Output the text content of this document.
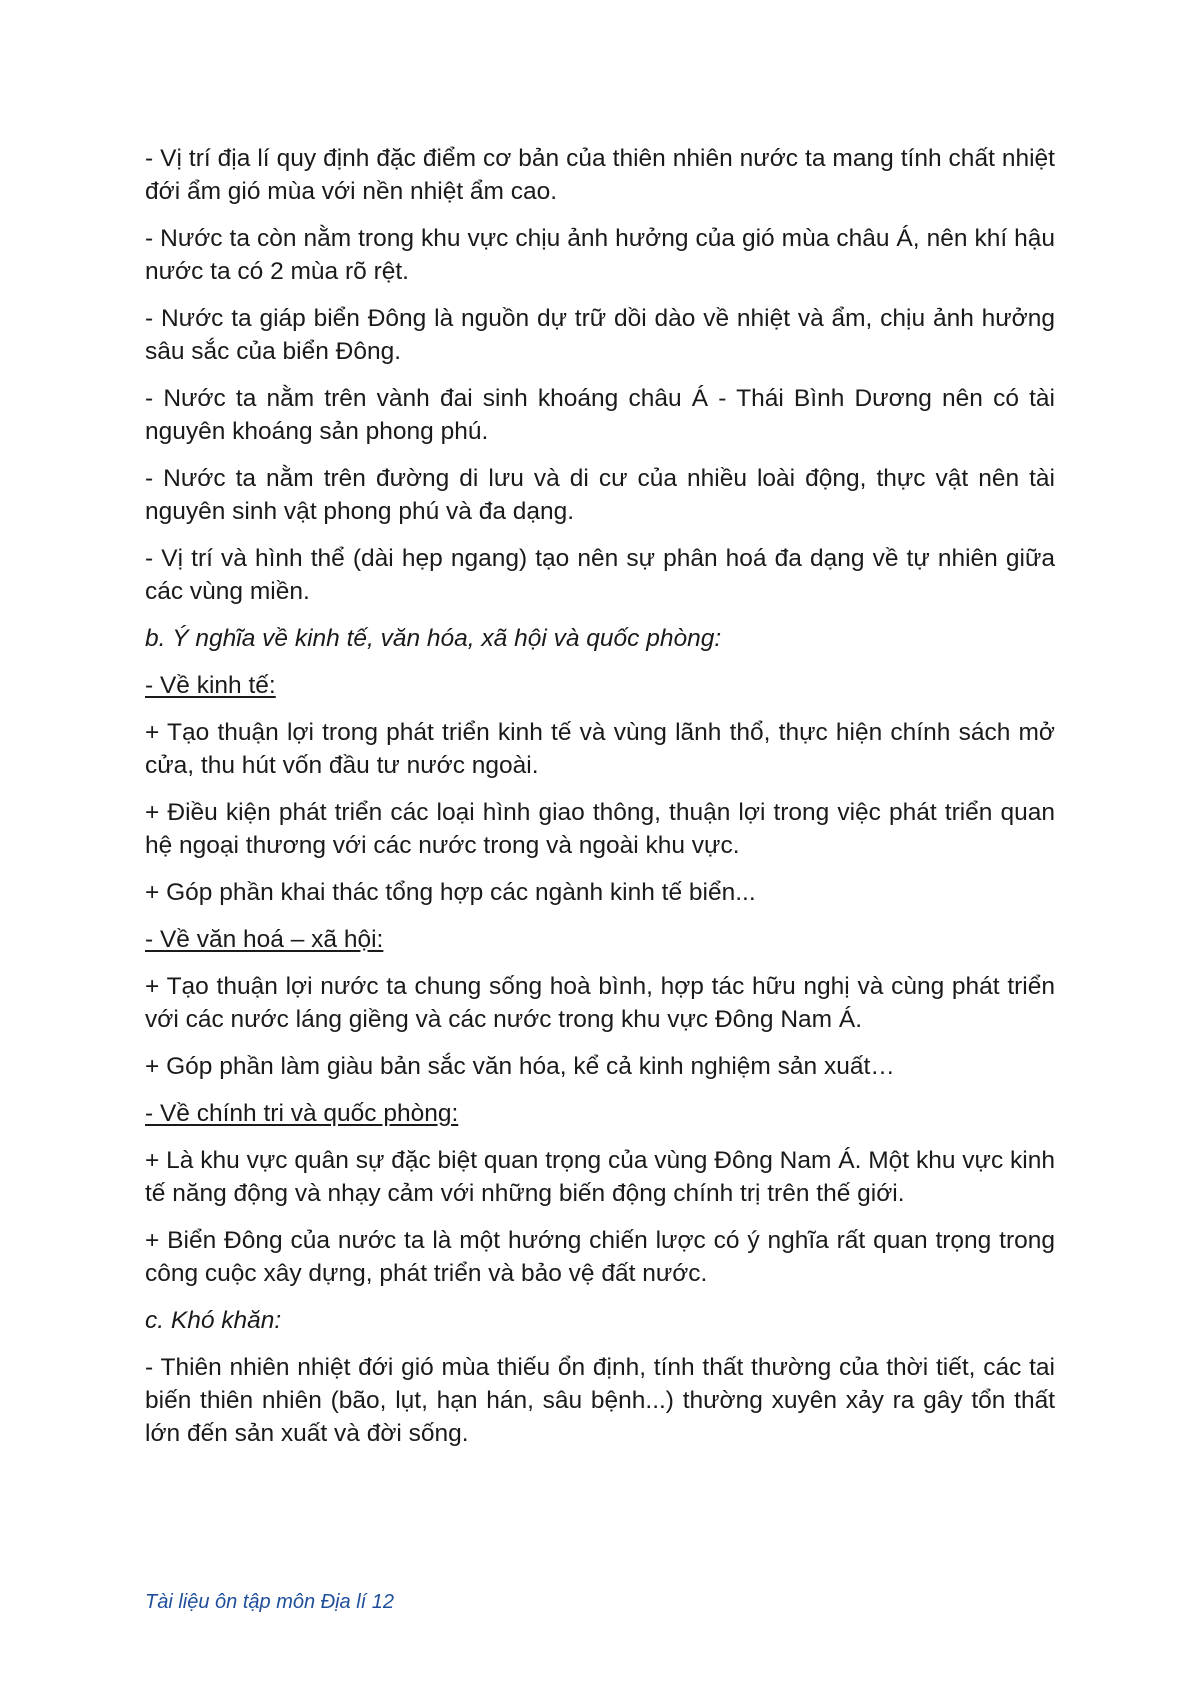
- Vị trí địa lí quy định đặc điểm cơ bản của thiên nhiên nước ta mang tính chất nhiệt đới ẩm gió mùa với nền nhiệt ẩm cao.

- Nước ta còn nằm trong khu vực chịu ảnh hưởng của gió mùa châu Á, nên khí hậu nước ta có 2 mùa rõ rệt.

- Nước ta giáp biển Đông là nguồn dự trữ dồi dào về nhiệt và ẩm, chịu ảnh hưởng sâu sắc của biển Đông.

- Nước ta nằm trên vành đai sinh khoáng châu Á - Thái Bình Dương nên có tài nguyên khoáng sản phong phú.

- Nước ta nằm trên đường di lưu và di cư của nhiều loài động, thực vật nên tài nguyên sinh vật phong phú và đa dạng.

- Vị trí và hình thể (dài hẹp ngang) tạo nên sự phân hoá đa dạng về tự nhiên giữa các vùng miền.

b. Ý nghĩa về kinh tế, văn hóa, xã hội và quốc phòng:

- Về kinh tế:

+ Tạo thuận lợi trong phát triển kinh tế và vùng lãnh thổ, thực hiện chính sách mở cửa, thu hút vốn đầu tư nước ngoài.

+ Điều kiện phát triển các loại hình giao thông, thuận lợi trong việc phát triển quan hệ ngoại thương với các nước trong và ngoài khu vực.

+ Góp phần khai thác tổng hợp các ngành kinh tế biển...

- Về văn hoá – xã hội:

+ Tạo thuận lợi nước ta chung sống hoà bình, hợp tác hữu nghị và cùng phát triển với các nước láng giềng và các nước trong khu vực Đông Nam Á.

+ Góp phần làm giàu bản sắc văn hóa, kể cả kinh nghiệm sản xuất…

- Về chính tri và quốc phòng:

+ Là khu vực quân sự đặc biệt quan trọng của vùng Đông Nam Á. Một khu vực kinh tế năng động và nhạy cảm với những biến động chính trị trên thế giới.

+ Biển Đông của nước ta là một hướng chiến lược có ý nghĩa rất quan trọng trong công cuộc xây dựng, phát triển và bảo vệ đất nước.

c. Khó khăn:

- Thiên nhiên nhiệt đới gió mùa thiếu ổn định, tính thất thường của thời tiết, các tai biến thiên nhiên (bão, lụt, hạn hán, sâu bệnh...) thường xuyên xảy ra gây tổn thất lớn đến sản xuất và đời sống.

Tài liệu ôn tập môn Địa lí 12
